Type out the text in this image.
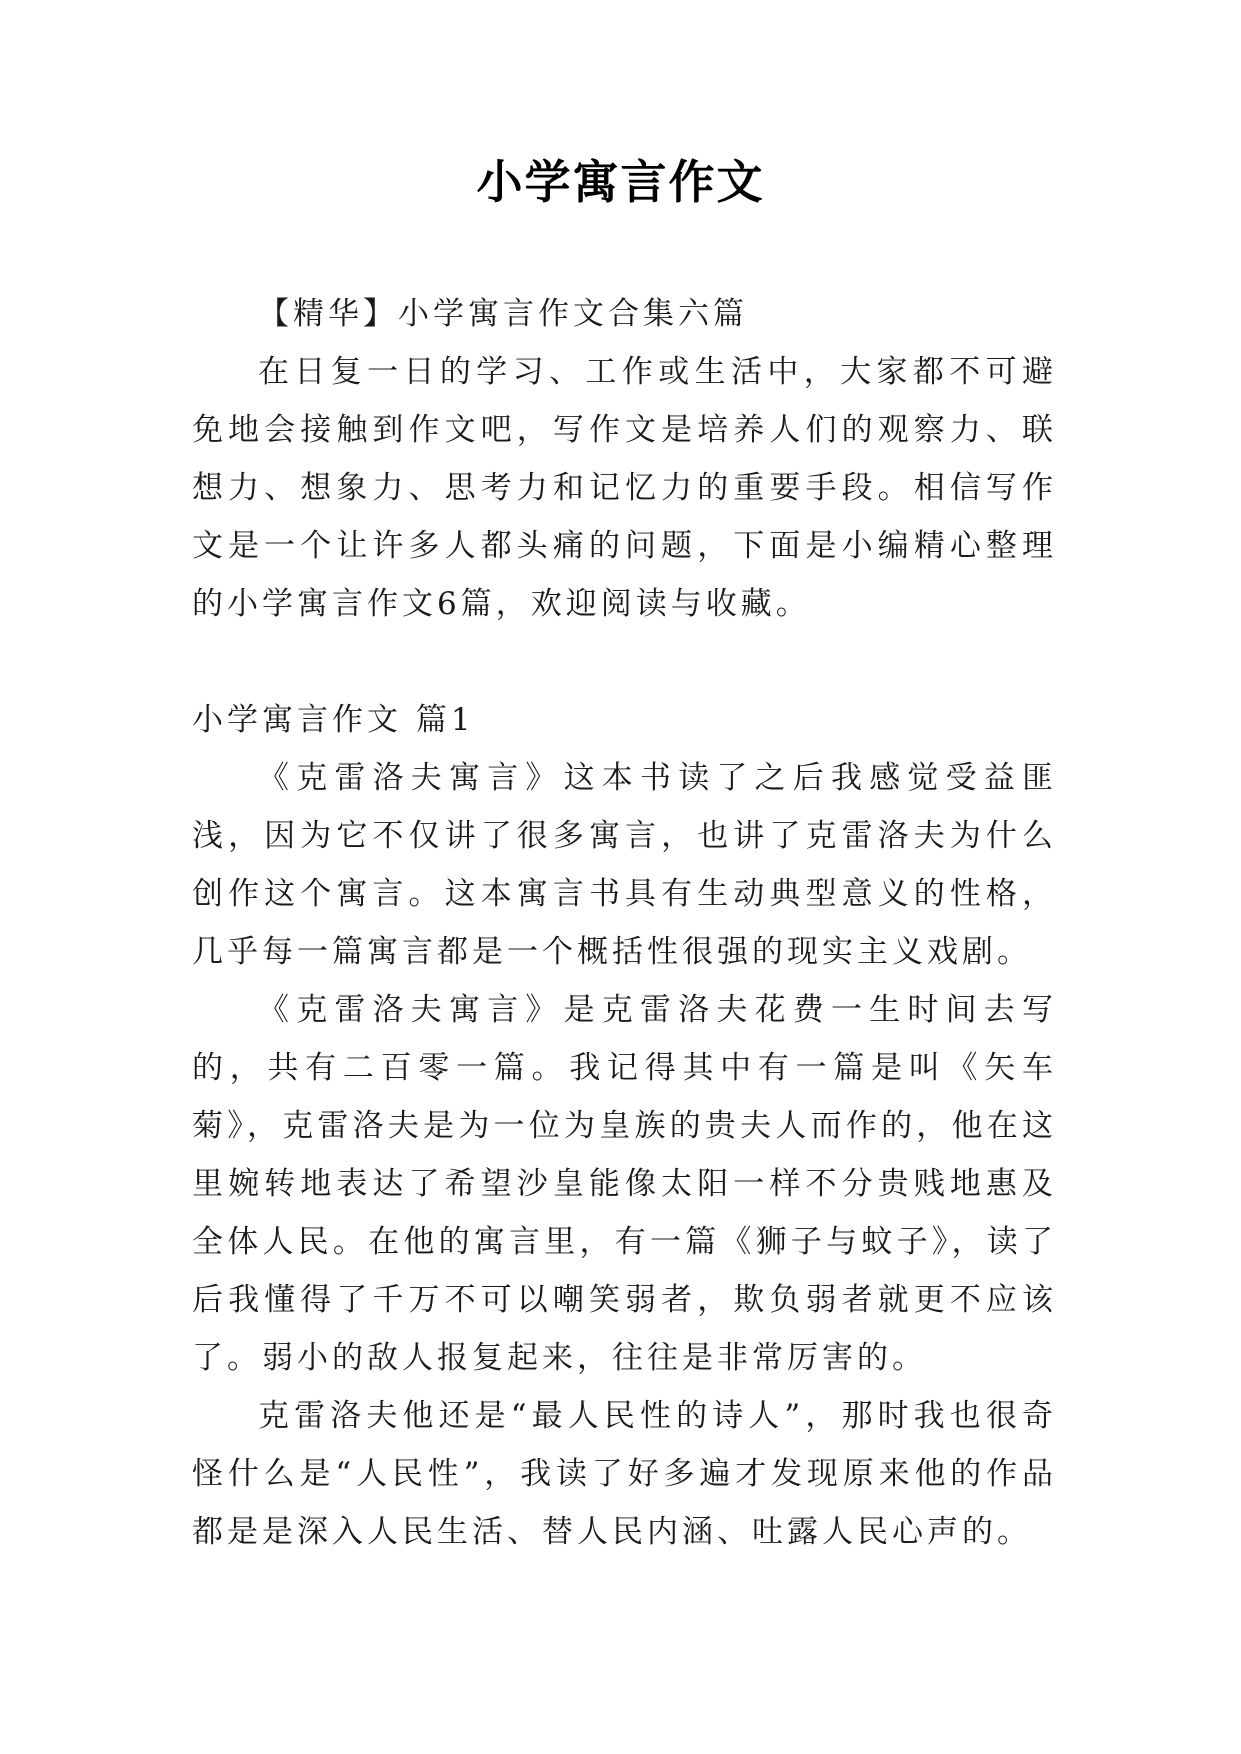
小学寓言作文

【精华】小学寓言作文合集六篇

在日复一日的学习、工作或生活中，大家都不可避免地会接触到作文吧，写作文是培养人们的观察力、联想力、想象力、思考力和记忆力的重要手段。相信写作文是一个让许多人都头痛的问题，下面是小编精心整理的小学寓言作文6篇，欢迎阅读与收藏。

小学寓言作文 篇1

《克雷洛夫寓言》这本书读了之后我感觉受益匪浅，因为它不仅讲了很多寓言，也讲了克雷洛夫为什么创作这个寓言。这本寓言书具有生动典型意义的性格，几乎每一篇寓言都是一个概括性很强的现实主义戏剧。

《克雷洛夫寓言》是克雷洛夫花费一生时间去写的，共有二百零一篇。我记得其中有一篇是叫《矢车菊》，克雷洛夫是为一位为皇族的贵夫人而作的，他在这里婉转地表达了希望沙皇能像太阳一样不分贵贱地惠及全体人民。在他的寓言里，有一篇《狮子与蚊子》，读了后我懂得了千万不可以嘲笑弱者，欺负弱者就更不应该了。弱小的敌人报复起来，往往是非常厉害的。

克雷洛夫他还是“最人民性的诗人”，那时我也很奇怪什么是“人民性”，我读了好多遍才发现原来他的作品都是是深入人民生活、替人民内涵、吐露人民心声的。
